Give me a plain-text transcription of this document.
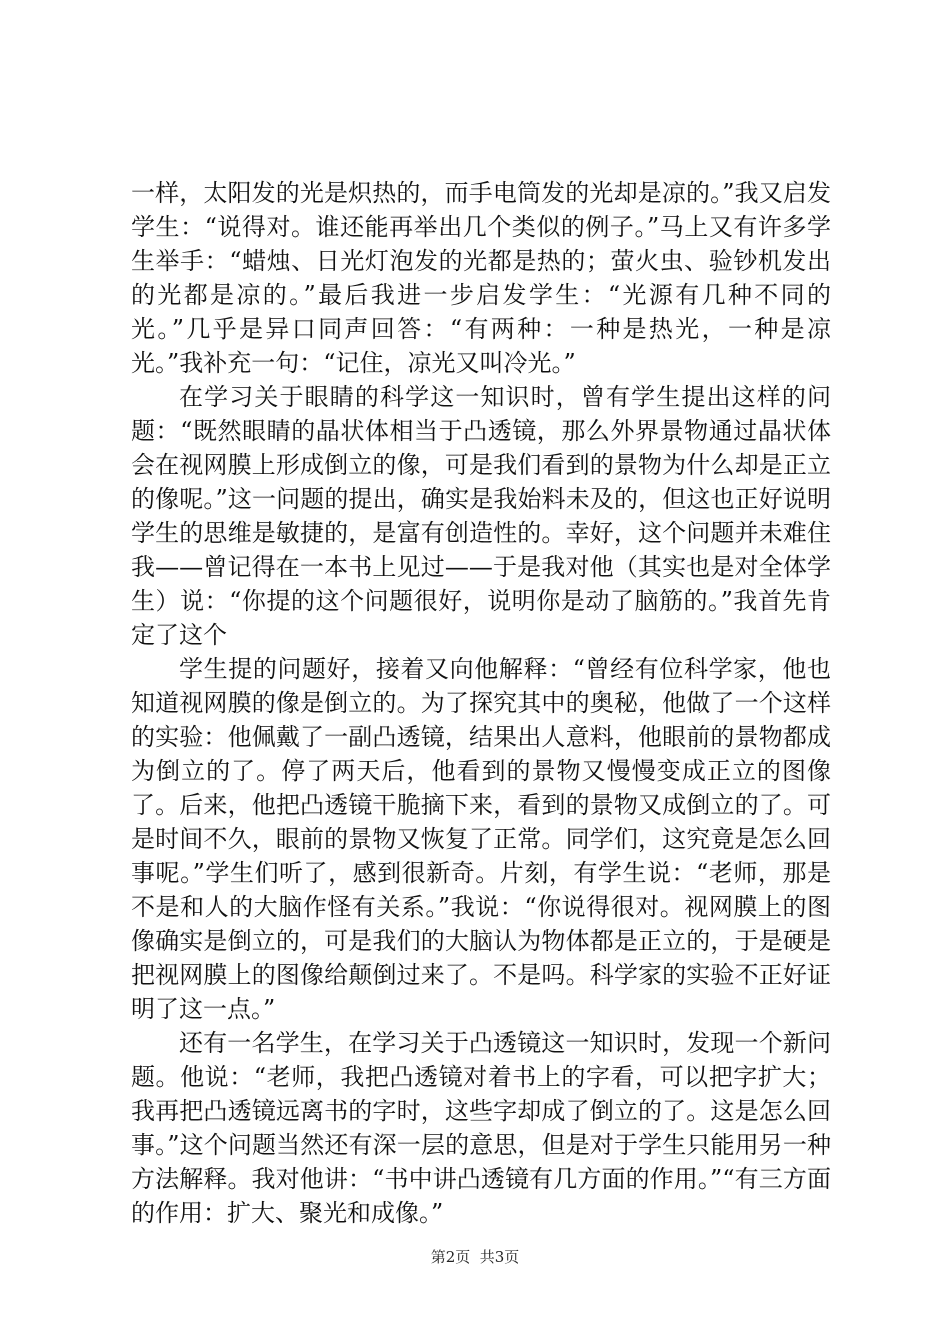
一样，太阳发的光是炽热的，而手电筒发的光却是凉的。”我又启发学生：“说得对。谁还能再举出几个类似的例子。”马上又有许多学生举手：“蜡烛、日光灯泡发的光都是热的；萤火虫、验钞机发出的光都是凉的。”最后我进一步启发学生：“光源有几种不同的光。”几乎是异口同声回答：“有两种：一种是热光，一种是凉光。”我补充一句：“记住，凉光又叫冷光。”

在学习关于眼睛的科学这一知识时，曾有学生提出这样的问题：“既然眼睛的晶状体相当于凸透镜，那么外界景物通过晶状体会在视网膜上形成倒立的像，可是我们看到的景物为什么却是正立的像呢。”这一问题的提出，确实是我始料未及的，但这也正好说明学生的思维是敏捷的，是富有创造性的。幸好，这个问题并未难住我——曾记得在一本书上见过——于是我对他（其实也是对全体学生）说：“你提的这个问题很好，说明你是动了脑筋的。”我首先肯定了这个

学生提的问题好，接着又向他解释：“曾经有位科学家，他也知道视网膜的像是倒立的。为了探究其中的奥秘，他做了一个这样的实验：他佩戴了一副凸透镜，结果出人意料，他眼前的景物都成为倒立的了。停了两天后，他看到的景物又慢慢变成正立的图像了。后来，他把凸透镜干脆摘下来，看到的景物又成倒立的了。可是时间不久，眼前的景物又恢复了正常。同学们，这究竟是怎么回事呢。”学生们听了，感到很新奇。片刻，有学生说：“老师，那是不是和人的大脑作怪有关系。”我说：“你说得很对。视网膜上的图像确实是倒立的，可是我们的大脑认为物体都是正立的，于是硬是把视网膜上的图像给颠倒过来了。不是吗。科学家的实验不正好证明了这一点。”

还有一名学生，在学习关于凸透镜这一知识时，发现一个新问题。他说：“老师，我把凸透镜对着书上的字看，可以把字扩大；我再把凸透镜远离书的字时，这些字却成了倒立的了。这是怎么回事。”这个问题当然还有深一层的意思，但是对于学生只能用另一种方法解释。我对他讲：“书中讲凸透镜有几方面的作用。”“有三方面的作用：扩大、聚光和成像。”

第2页  共3页
